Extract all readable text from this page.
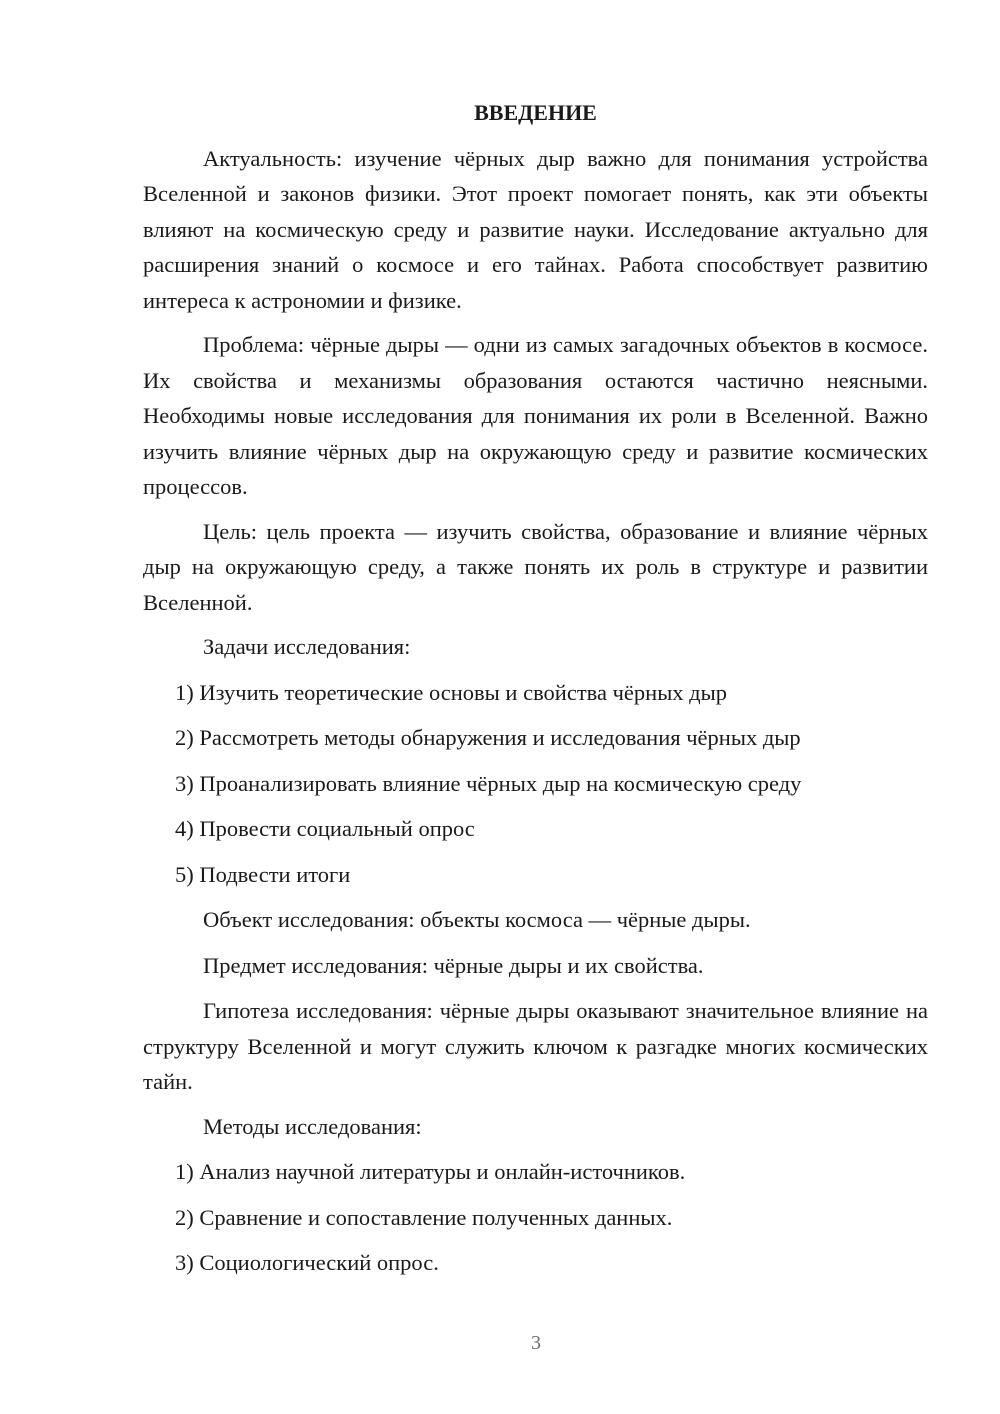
ВВЕДЕНИЕ

Актуальность: изучение чёрных дыр важно для понимания устройства Вселенной и законов физики. Этот проект помогает понять, как эти объекты влияют на космическую среду и развитие науки. Исследование актуально для расширения знаний о космосе и его тайнах. Работа способствует развитию интереса к астрономии и физике.

Проблема: чёрные дыры — одни из самых загадочных объектов в космосе. Их свойства и механизмы образования остаются частично неясными. Необходимы новые исследования для понимания их роли в Вселенной. Важно изучить влияние чёрных дыр на окружающую среду и развитие космических процессов.

Цель: цель проекта — изучить свойства, образование и влияние чёрных дыр на окружающую среду, а также понять их роль в структуре и развитии Вселенной.

Задачи исследования:

1) Изучить теоретические основы и свойства чёрных дыр
2) Рассмотреть методы обнаружения и исследования чёрных дыр
3) Проанализировать влияние чёрных дыр на космическую среду
4) Провести социальный опрос
5) Подвести итоги

Объект исследования: объекты космоса — чёрные дыры.

Предмет исследования: чёрные дыры и их свойства.

Гипотеза исследования: чёрные дыры оказывают значительное влияние на структуру Вселенной и могут служить ключом к разгадке многих космических тайн.

Методы исследования:

1) Анализ научной литературы и онлайн-источников.
2) Сравнение и сопоставление полученных данных.
3) Социологический опрос.
3
